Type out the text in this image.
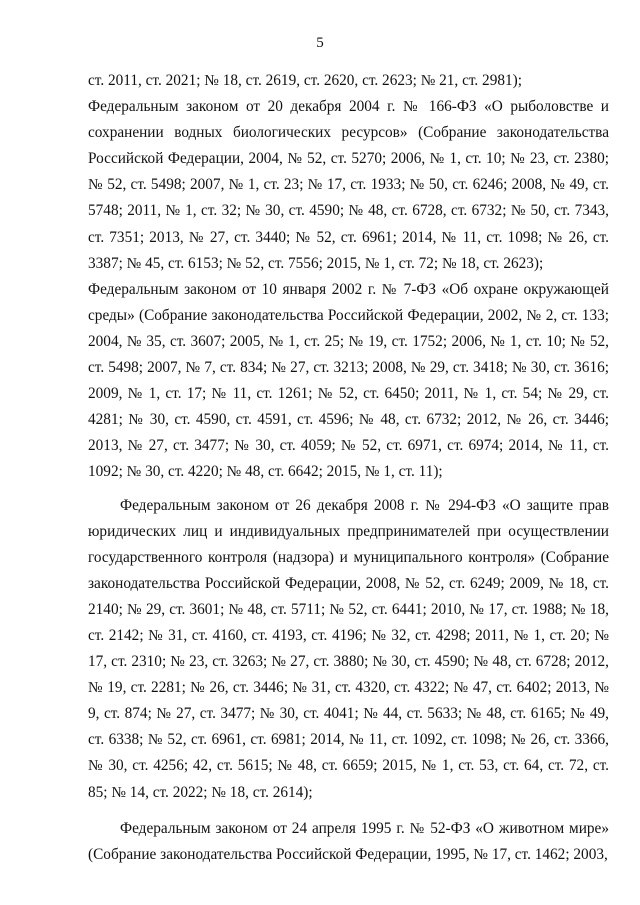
5

ст. 2011, ст. 2021; № 18, ст. 2619, ст. 2620, ст. 2623; № 21, ст. 2981);

Федеральным законом от 20 декабря 2004 г. № 166-ФЗ «О рыболовстве и сохранении водных биологических ресурсов» (Собрание законодательства Российской Федерации, 2004, № 52, ст. 5270; 2006, № 1, ст. 10; № 23, ст. 2380; № 52, ст. 5498; 2007, № 1, ст. 23; № 17, ст. 1933; № 50, ст. 6246; 2008, № 49, ст. 5748; 2011, № 1, ст. 32; № 30, ст. 4590; № 48, ст. 6728, ст. 6732; № 50, ст. 7343, ст. 7351; 2013, № 27, ст. 3440; № 52, ст. 6961; 2014, № 11, ст. 1098; № 26, ст. 3387; № 45, ст. 6153; № 52, ст. 7556; 2015, № 1, ст. 72; № 18, ст. 2623);

Федеральным законом от 10 января 2002 г. № 7-ФЗ «Об охране окружающей среды» (Собрание законодательства Российской Федерации, 2002, № 2, ст. 133; 2004, № 35, ст. 3607; 2005, № 1, ст. 25; № 19, ст. 1752; 2006, № 1, ст. 10; № 52, ст. 5498; 2007, № 7, ст. 834; № 27, ст. 3213; 2008, № 29, ст. 3418; № 30, ст. 3616; 2009, № 1, ст. 17; № 11, ст. 1261; № 52, ст. 6450; 2011, № 1, ст. 54; № 29, ст. 4281; № 30, ст. 4590, ст. 4591, ст. 4596; № 48, ст. 6732; 2012, № 26, ст. 3446; 2013, № 27, ст. 3477; № 30, ст. 4059; № 52, ст. 6971, ст. 6974; 2014, № 11, ст. 1092; № 30, ст. 4220; № 48, ст. 6642; 2015, № 1, ст. 11);

Федеральным законом от 26 декабря 2008 г. № 294-ФЗ «О защите прав юридических лиц и индивидуальных предпринимателей при осуществлении государственного контроля (надзора) и муниципального контроля» (Собрание законодательства Российской Федерации, 2008, № 52, ст. 6249; 2009, № 18, ст. 2140; № 29, ст. 3601; № 48, ст. 5711; № 52, ст. 6441; 2010, № 17, ст. 1988; № 18, ст. 2142; № 31, ст. 4160, ст. 4193, ст. 4196; № 32, ст. 4298; 2011, № 1, ст. 20; № 17, ст. 2310; № 23, ст. 3263; № 27, ст. 3880; № 30, ст. 4590; № 48, ст. 6728; 2012, № 19, ст. 2281; № 26, ст. 3446; № 31, ст. 4320, ст. 4322; № 47, ст. 6402; 2013, № 9, ст. 874; № 27, ст. 3477; № 30, ст. 4041; № 44, ст. 5633; № 48, ст. 6165; № 49, ст. 6338; № 52, ст. 6961, ст. 6981; 2014, № 11, ст. 1092, ст. 1098; № 26, ст. 3366, № 30, ст. 4256; 42, ст. 5615; № 48, ст. 6659; 2015, № 1, ст. 53, ст. 64, ст. 72, ст. 85; № 14, ст. 2022; № 18, ст. 2614);

Федеральным законом от 24 апреля 1995 г. № 52-ФЗ «О животном мире» (Собрание законодательства Российской Федерации, 1995, № 17, ст. 1462; 2003,
